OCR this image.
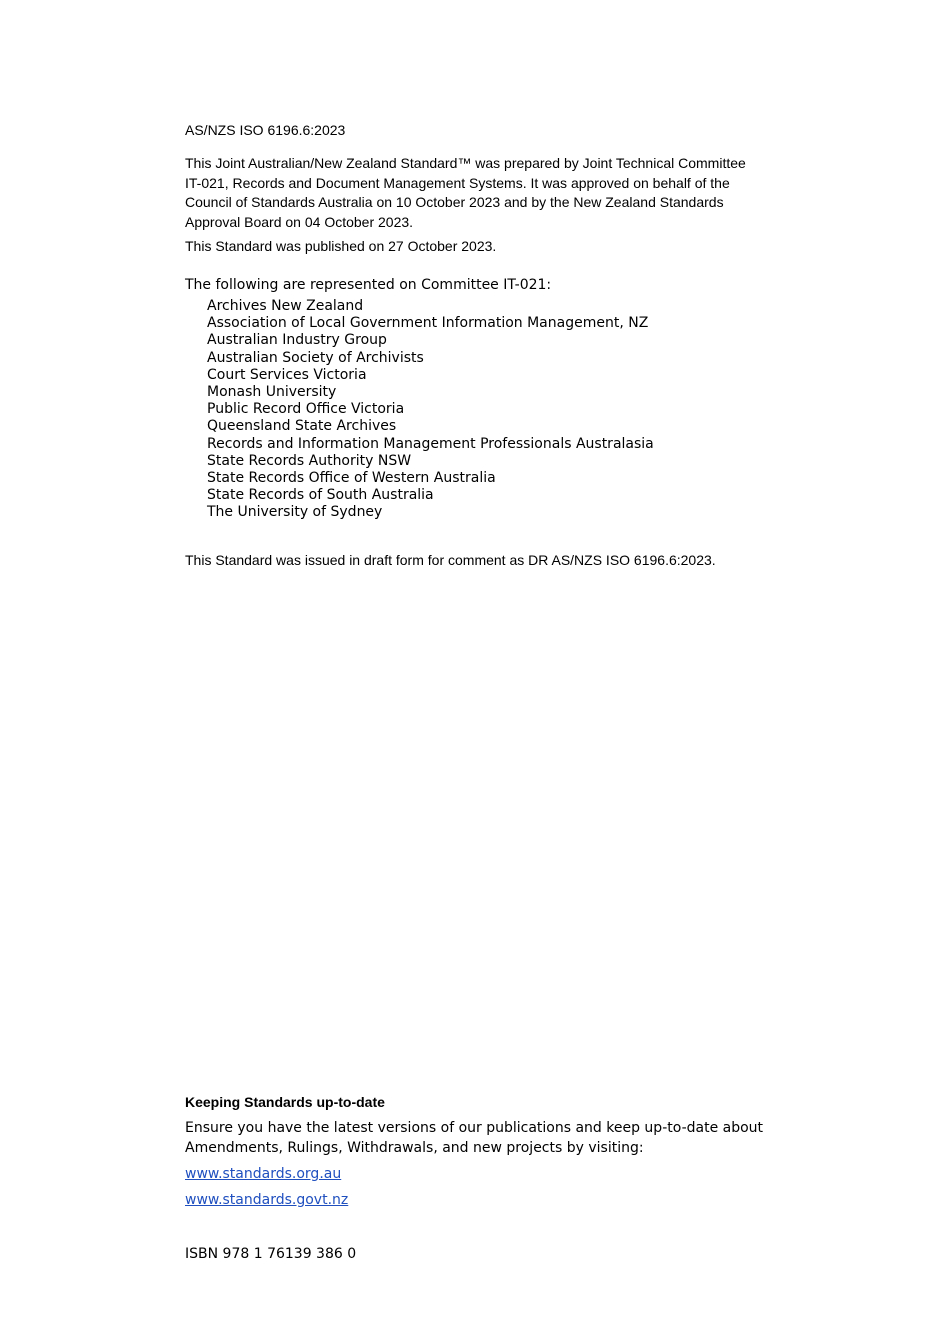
AS/NZS ISO 6196.6:2023
This Joint Australian/New Zealand Standard™ was prepared by Joint Technical Committee IT-021, Records and Document Management Systems. It was approved on behalf of the Council of Standards Australia on 10 October 2023 and by the New Zealand Standards Approval Board on 04 October 2023.
This Standard was published on 27 October 2023.
The following are represented on Committee IT-021:
Archives New Zealand
Association of Local Government Information Management, NZ
Australian Industry Group
Australian Society of Archivists
Court Services Victoria
Monash University
Public Record Office Victoria
Queensland State Archives
Records and Information Management Professionals Australasia
State Records Authority NSW
State Records Office of Western Australia
State Records of South Australia
The University of Sydney
This Standard was issued in draft form for comment as DR AS/NZS ISO 6196.6:2023.
Keeping Standards up-to-date
Ensure you have the latest versions of our publications and keep up-to-date about Amendments, Rulings, Withdrawals, and new projects by visiting:
www.standards.org.au
www.standards.govt.nz
ISBN 978 1 76139 386 0
